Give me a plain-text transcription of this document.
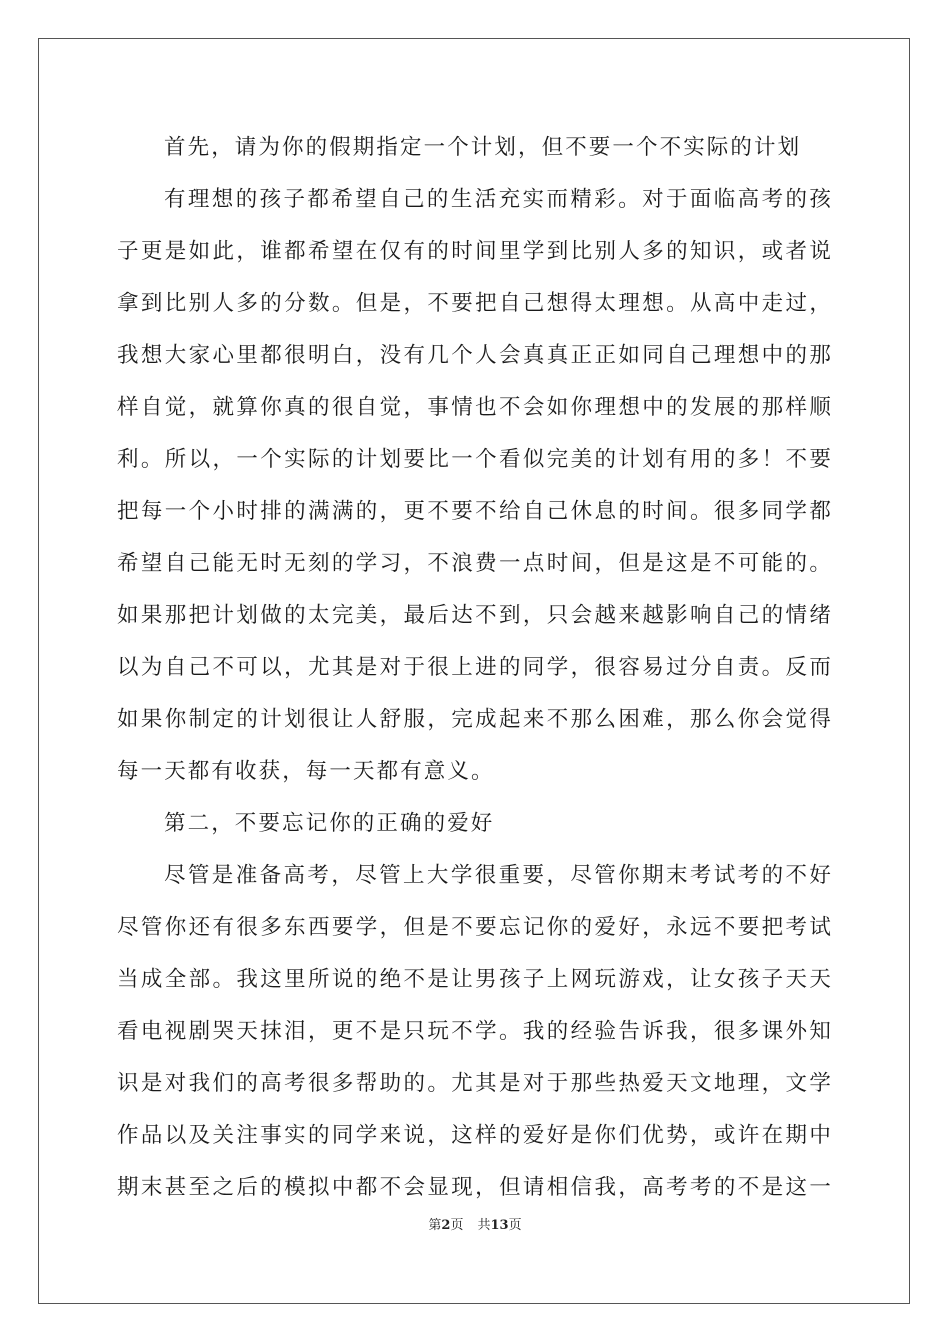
首先，请为你的假期指定一个计划，但不要一个不实际的计划
有理想的孩子都希望自己的生活充实而精彩。对于面临高考的孩
子更是如此，谁都希望在仅有的时间里学到比别人多的知识，或者说
拿到比别人多的分数。但是，不要把自己想得太理想。从高中走过，
我想大家心里都很明白，没有几个人会真真正正如同自己理想中的那
样自觉，就算你真的很自觉，事情也不会如你理想中的发展的那样顺
利。所以，一个实际的计划要比一个看似完美的计划有用的多！不要
把每一个小时排的满满的，更不要不给自己休息的时间。很多同学都
希望自己能无时无刻的学习，不浪费一点时间，但是这是不可能的。
如果那把计划做的太完美，最后达不到，只会越来越影响自己的情绪
以为自己不可以，尤其是对于很上进的同学，很容易过分自责。反而
如果你制定的计划很让人舒服，完成起来不那么困难，那么你会觉得
每一天都有收获，每一天都有意义。
第二，不要忘记你的正确的爱好
尽管是准备高考，尽管上大学很重要，尽管你期末考试考的不好
尽管你还有很多东西要学，但是不要忘记你的爱好，永远不要把考试
当成全部。我这里所说的绝不是让男孩子上网玩游戏，让女孩子天天
看电视剧哭天抹泪，更不是只玩不学。我的经验告诉我，很多课外知
识是对我们的高考很多帮助的。尤其是对于那些热爱天文地理，文学
作品以及关注事实的同学来说，这样的爱好是你们优势，或许在期中
期末甚至之后的模拟中都不会显现，但请相信我，高考考的不是这一
第2页 共13页
